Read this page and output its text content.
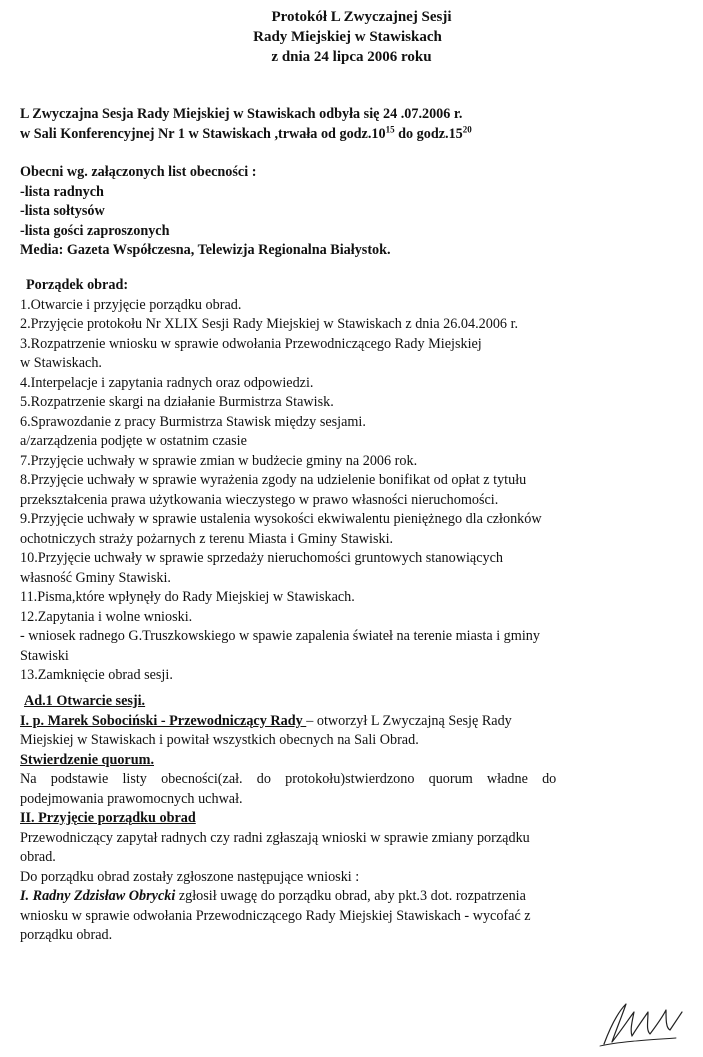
Protokół L Zwyczajnej Sesji
Rady Miejskiej w Stawiskach
z dnia 24 lipca 2006 roku
L Zwyczajna Sesja Rady Miejskiej w Stawiskach odbyła się 24 .07.2006 r.
w Sali Konferencyjnej Nr 1 w Stawiskach ,trwała od $godz.10^{15}$ do $godz.15^{20}$
Obecni wg. załączonych list obecności :
-lista radnych
-lista sołtysów
-lista gości zaproszonych
Media: Gazeta Współczesna, Telewizja Regionalna Białystok.
Porządek obrad:
1.Otwarcie i przyjęcie porządku obrad.
2.Przyjęcie protokołu Nr XLIX Sesji Rady Miejskiej w Stawiskach z dnia 26.04.2006 r.
3.Rozpatrzenie wniosku w sprawie odwołania Przewodniczącego Rady Miejskiej
w Stawiskach.
4.Interpelacje i zapytania radnych oraz odpowiedzi.
5.Rozpatrzenie skargi na działanie Burmistrza Stawisk.
6.Sprawozdanie z pracy Burmistrza Stawisk między sesjami.
a/zarządzenia podjęte w ostatnim czasie
7.Przyjęcie uchwały w sprawie zmian w budżecie gminy na 2006 rok.
8.Przyjęcie uchwały w sprawie wyrażenia zgody na udzielenie bonifikat od opłat z tytułu
przekształcenia prawa użytkowania wieczystego w prawo własności nieruchomości.
9.Przyjęcie uchwały w sprawie ustalenia wysokości ekwiwalentu pieniężnego dla członków
ochotniczych straży pożarnych z terenu Miasta i Gminy Stawiski.
10.Przyjęcie uchwały w sprawie sprzedaży nieruchomości gruntowych stanowiących
własność Gminy Stawiski.
11.Pisma,które wpłynęły do Rady Miejskiej w Stawiskach.
12.Zapytania i wolne wnioski.
- wniosek radnego G.Truszkowskiego w spawie zapalenia świateł na terenie miasta i gminy
Stawiski
13.Zamknięcie obrad sesji.
Ad.1 Otwarcie sesji.
I. p. Marek Sobociński - Przewodniczący Rady – otworzył L Zwyczajną Sesję Rady
Miejskiej w Stawiskach i powitał wszystkich obecnych na Sali Obrad.
Stwierdzenie quorum.
Na    podstawie    listy    obecności(zał.    do    protokołu)stwierdzono    quorum    władne    do
podejmowania prawomocnych uchwał.
II. Przyjęcie porządku obrad
Przewodniczący zapytał radnych czy radni zgłaszają wnioski w sprawie zmiany porządku
obrad.
Do porządku obrad zostały zgłoszone następujące wnioski :
I. Radny Zdzisław Obrycki zgłosił uwagę do porządku obrad, aby pkt.3 dot. rozpatrzenia
wniosku w sprawie odwołania Przewodniczącego Rady Miejskiej Stawiskach - wycofać z
porządku obrad.
